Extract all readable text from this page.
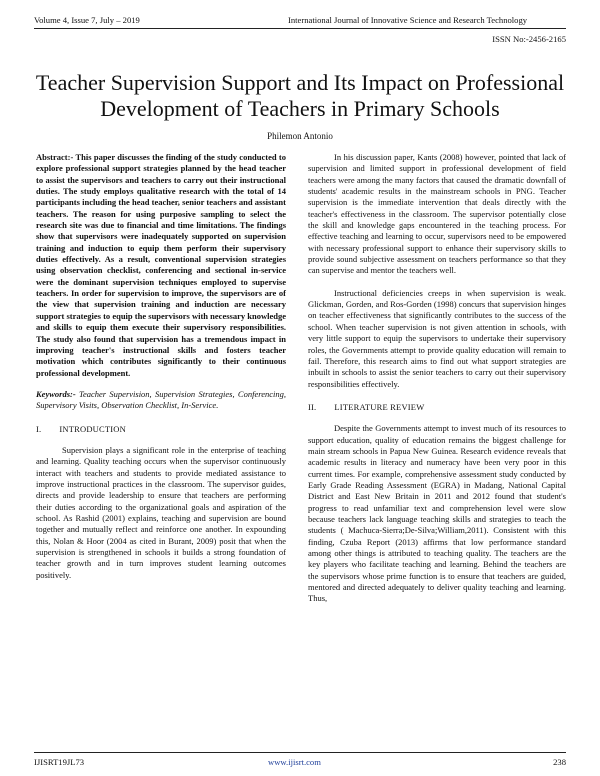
Volume 4, Issue 7, July – 2019	International Journal of Innovative Science and Research Technology
ISSN No:-2456-2165
Teacher Supervision Support and Its Impact on Professional Development of Teachers in Primary Schools
Philemon Antonio

Abstract:- This paper discusses the finding of the study conducted to explore professional support strategies planned by the head teacher to assist the supervisors and teachers to carry out their instructional duties. The study employs qualitative research with the total of 14 participants including the head teacher, senior teachers and assistant teachers. The reason for using purposive sampling to select the research site was due to financial and time limitations. The findings show that supervisors were inadequately supported on supervision training and induction to equip them perform their supervisory duties effectively. As a result, conventional supervision strategies using observation checklist, conferencing and sectional in-service were the dominant supervision techniques employed to supervise teachers. In order for supervision to improve, the supervisors are of the view that supervision training and induction are necessary support strategies to equip the supervisors with necessary knowledge and skills to equip them execute their supervisory responsibilities. The study also found that supervision has a tremendous impact in improving teacher's instructional skills and fosters teacher motivation which contributes significantly to their continuous professional development.

Keywords:- Teacher Supervision, Supervision Strategies, Conferencing, Supervisory Visits, Observation Checklist, In-Service.

I. INTRODUCTION

Supervision plays a significant role in the enterprise of teaching and learning. Quality teaching occurs when the supervisor continuously interact with teachers and students to provide mediated assistance to improve instructional practices in the classroom. The supervisor guides, directs and provide leadership to ensure that teachers are performing their duties according to the organizational goals and aspiration of the school. As Rashid (2001) explains, teaching and supervision are bound together and mutually reflect and reinforce one another. In expounding this, Nolan & Hoor (2004 as cited in Burant, 2009) posit that when the supervision is strengthened in schools it builds a strong foundation of teacher growth and in turn improves student learning outcomes positively.

In his discussion paper, Kants (2008) however, pointed that lack of supervision and limited support in professional development of field teachers were among the many factors that caused the dramatic downfall of students' academic results in the mainstream schools in PNG. Teacher supervision is the immediate intervention that deals directly with the teacher's effectiveness in the classroom. The supervisor potentially close the skill and knowledge gaps encountered in the teaching process. For effective teaching and learning to occur, supervisors need to be empowered with necessary professional support to enhance their supervisory skills to provide sound subjective assessment on teachers performance so that they can supervise and mentor the teachers well.

Instructional deficiencies creeps in when supervision is weak. Glickman, Gorden, and Ros-Gorden (1998) concurs that supervision hinges on teacher effectiveness that significantly contributes to the success of the school. When teacher supervision is not given attention in schools, with very little support to equip the supervisors to undertake their supervisory roles, the Governments attempt to provide quality education will remain to fail. Therefore, this research aims to find out what support strategies are inbuilt in schools to assist the senior teachers to carry out their supervisory responsibilities effectively.

II. LITERATURE REVIEW

Despite the Governments attempt to invest much of its resources to support education, quality of education remains the biggest challenge for main stream schools in Papua New Guinea. Research evidence reveals that academic results in literacy and numeracy have been very poor in this current times. For example, comprehensive assessment study conducted by Early Grade Reading Assessment (EGRA) in Madang, National Capital District and East New Britain in 2011 and 2012 found that student's progress to read unfamiliar text and comprehension level were slow because teachers lack language teaching skills and strategies to teach the students ( Machuca-Sierra;De-Silva;William,2011). Consistent with this finding, Czuba Report (2013) affirms that low performance standard among other things is attributed to teaching quality. The teachers are the key players who facilitate teaching and learning. Behind the teachers are the supervisors whose prime function is to ensure that teachers are guided, mentored and directed adequately to deliver quality teaching and learning. Thus,

IJISRT19JL73	www.ijisrt.com	238
